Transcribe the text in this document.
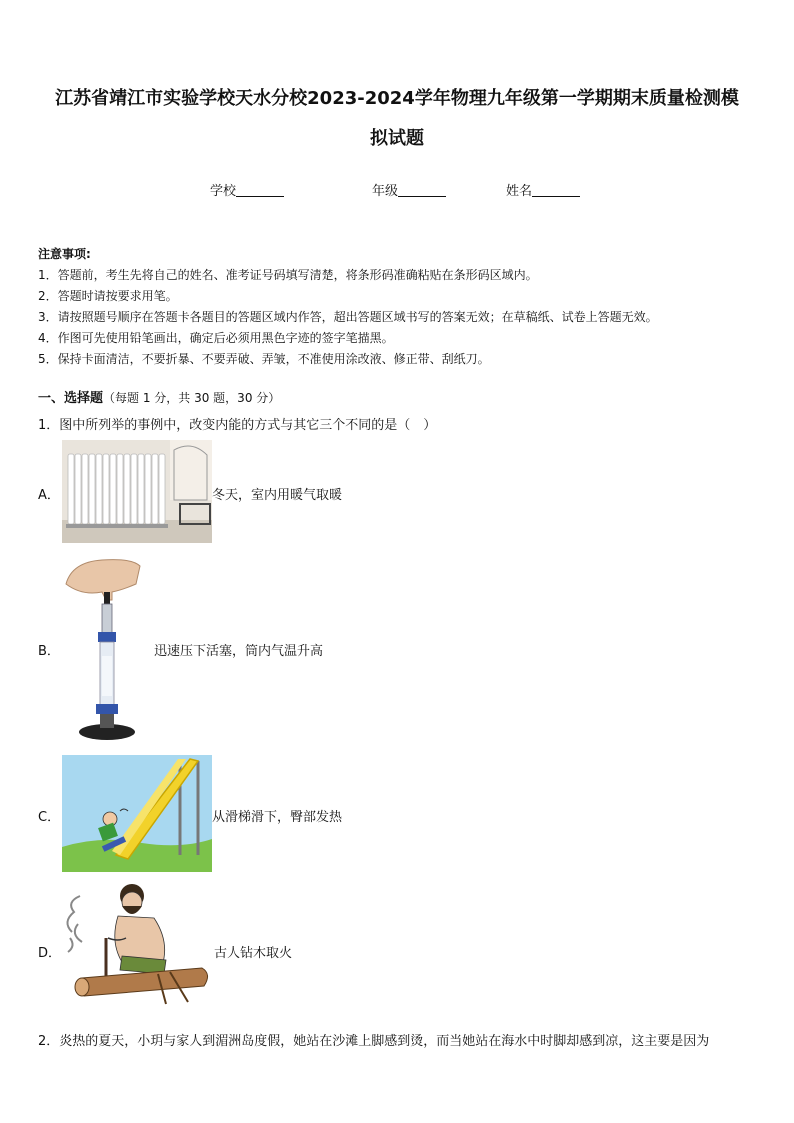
江苏省靖江市实验学校天水分校2023-2024学年物理九年级第一学期期末质量检测模
拟试题
学校	年级	姓名
注意事项:
1．答题前，考生先将自己的姓名、准考证号码填写清楚，将条形码准确粘贴在条形码区域内。
2．答题时请按要求用笔。
3．请按照题号顺序在答题卡各题目的答题区域内作答，超出答题区域书写的答案无效；在草稿纸、试卷上答题无效。
4．作图可先使用铅笔画出，确定后必须用黑色字迹的签字笔描黑。
5．保持卡面清洁，不要折暴、不要弄破、弄皱，不准使用涂改液、修正带、刮纸刀。
一、选择题（每题 1 分，共 30 题，30 分）
1．图中所列举的事例中，改变内能的方式与其它三个不同的是（　）
A．	冬天，室内用暖气取暖
B．	迅速压下活塞，筒内气温升高
C．	从滑梯滑下，臀部发热
D．	古人钻木取火
2．炎热的夏天，小玥与家人到湄洲岛度假，她站在沙滩上脚感到烫，而当她站在海水中时脚却感到凉，这主要是因为
